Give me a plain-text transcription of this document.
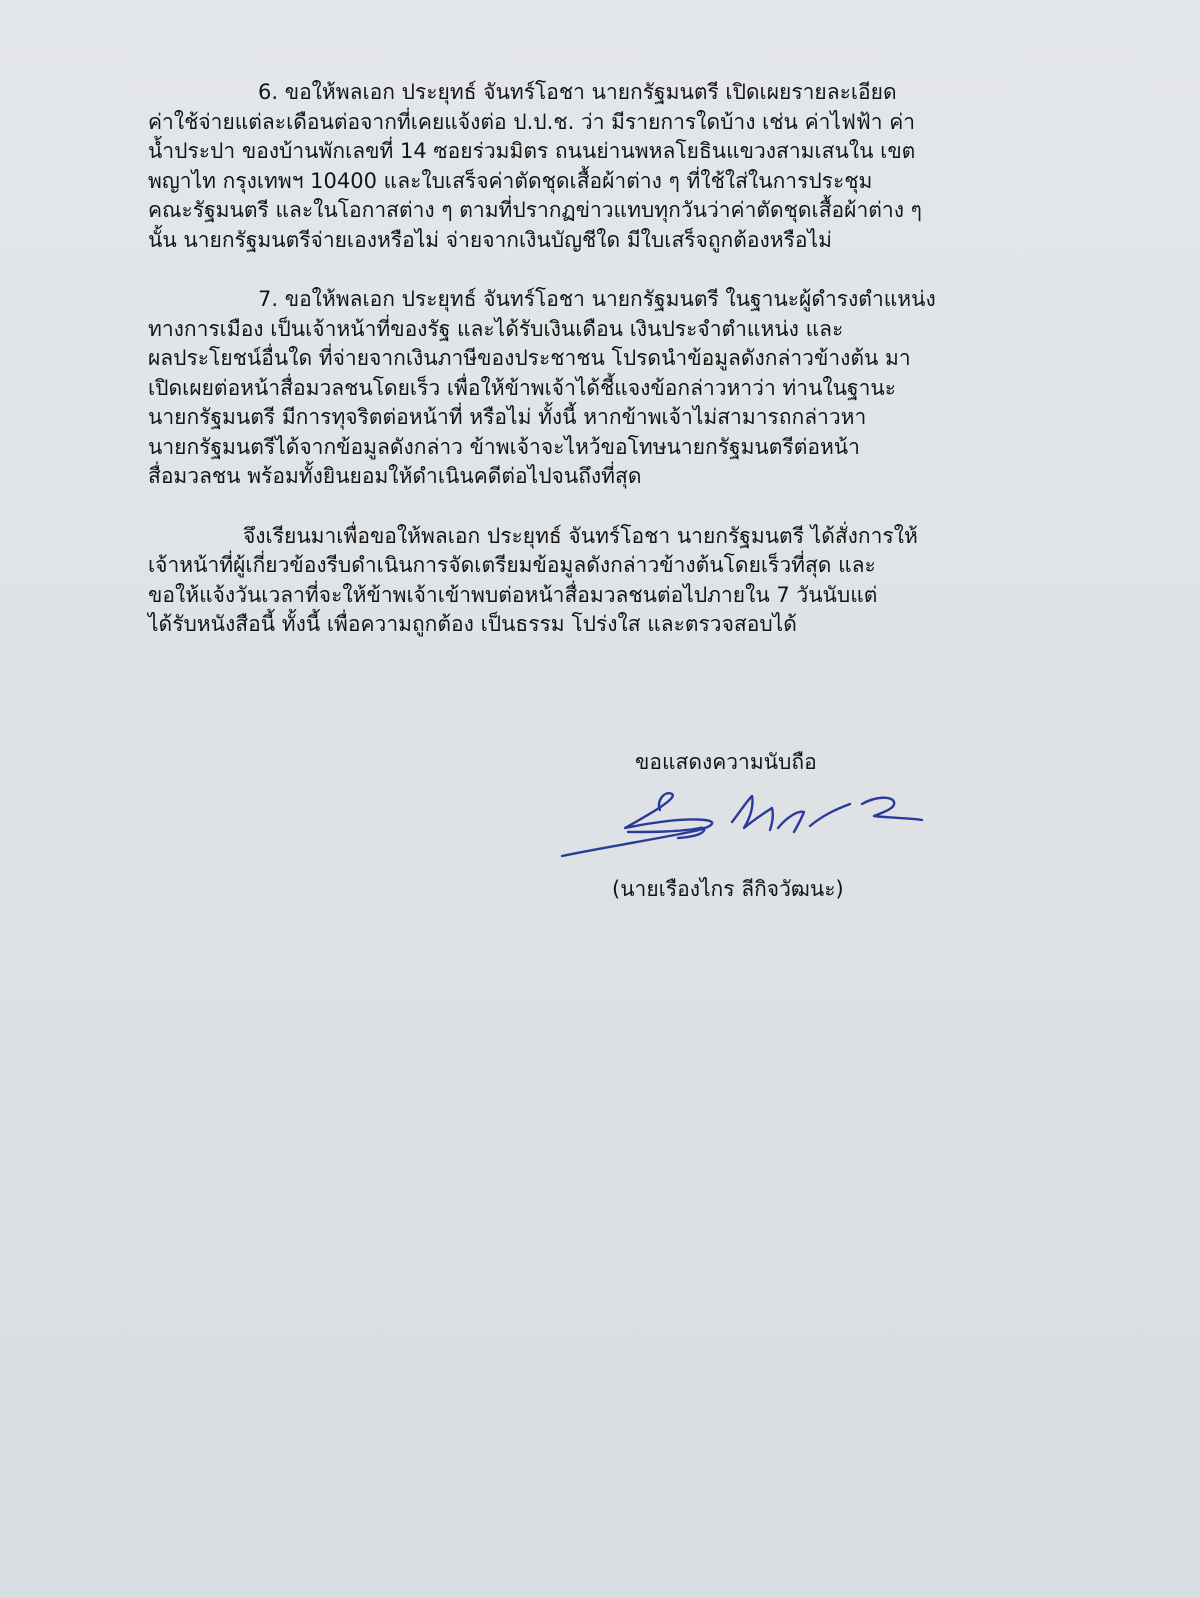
6. ขอให้พลเอก ประยุทธ์ จันทร์โอชา นายกรัฐมนตรี เปิดเผยรายละเอียด
ค่าใช้จ่ายแต่ละเดือนต่อจากที่เคยแจ้งต่อ ป.ป.ช. ว่า มีรายการใดบ้าง เช่น ค่าไฟฟ้า ค่า
น้ำประปา ของบ้านพักเลขที่ 14 ซอยร่วมมิตร ถนนย่านพหลโยธินแขวงสามเสนใน เขต
พญาไท กรุงเทพฯ 10400 และใบเสร็จค่าตัดชุดเสื้อผ้าต่าง ๆ ที่ใช้ใส่ในการประชุม
คณะรัฐมนตรี และในโอกาสต่าง ๆ ตามที่ปรากฏข่าวแทบทุกวันว่าค่าตัดชุดเสื้อผ้าต่าง ๆ
นั้น นายกรัฐมนตรีจ่ายเองหรือไม่ จ่ายจากเงินบัญชีใด มีใบเสร็จถูกต้องหรือไม่

7. ขอให้พลเอก ประยุทธ์ จันทร์โอชา นายกรัฐมนตรี ในฐานะผู้ดำรงตำแหน่ง
ทางการเมือง เป็นเจ้าหน้าที่ของรัฐ และได้รับเงินเดือน เงินประจำตำแหน่ง และ
ผลประโยชน์อื่นใด ที่จ่ายจากเงินภาษีของประชาชน โปรดนำข้อมูลดังกล่าวข้างต้น มา
เปิดเผยต่อหน้าสื่อมวลชนโดยเร็ว เพื่อให้ข้าพเจ้าได้ชี้แจงข้อกล่าวหาว่า ท่านในฐานะ
นายกรัฐมนตรี มีการทุจริตต่อหน้าที่ หรือไม่ ทั้งนี้ หากข้าพเจ้าไม่สามารถกล่าวหา
นายกรัฐมนตรีได้จากข้อมูลดังกล่าว ข้าพเจ้าจะไหว้ขอโทษนายกรัฐมนตรีต่อหน้า
สื่อมวลชน พร้อมทั้งยินยอมให้ดำเนินคดีต่อไปจนถึงที่สุด

จึงเรียนมาเพื่อขอให้พลเอก ประยุทธ์ จันทร์โอชา นายกรัฐมนตรี ได้สั่งการให้
เจ้าหน้าที่ผู้เกี่ยวข้องรีบดำเนินการจัดเตรียมข้อมูลดังกล่าวข้างต้นโดยเร็วที่สุด และ
ขอให้แจ้งวันเวลาที่จะให้ข้าพเจ้าเข้าพบต่อหน้าสื่อมวลชนต่อไปภายใน 7 วันนับแต่
ได้รับหนังสือนี้ ทั้งนี้ เพื่อความถูกต้อง เป็นธรรม โปร่งใส และตรวจสอบได้

ขอแสดงความนับถือ
(นายเรืองไกร ลีกิจวัฒนะ)
